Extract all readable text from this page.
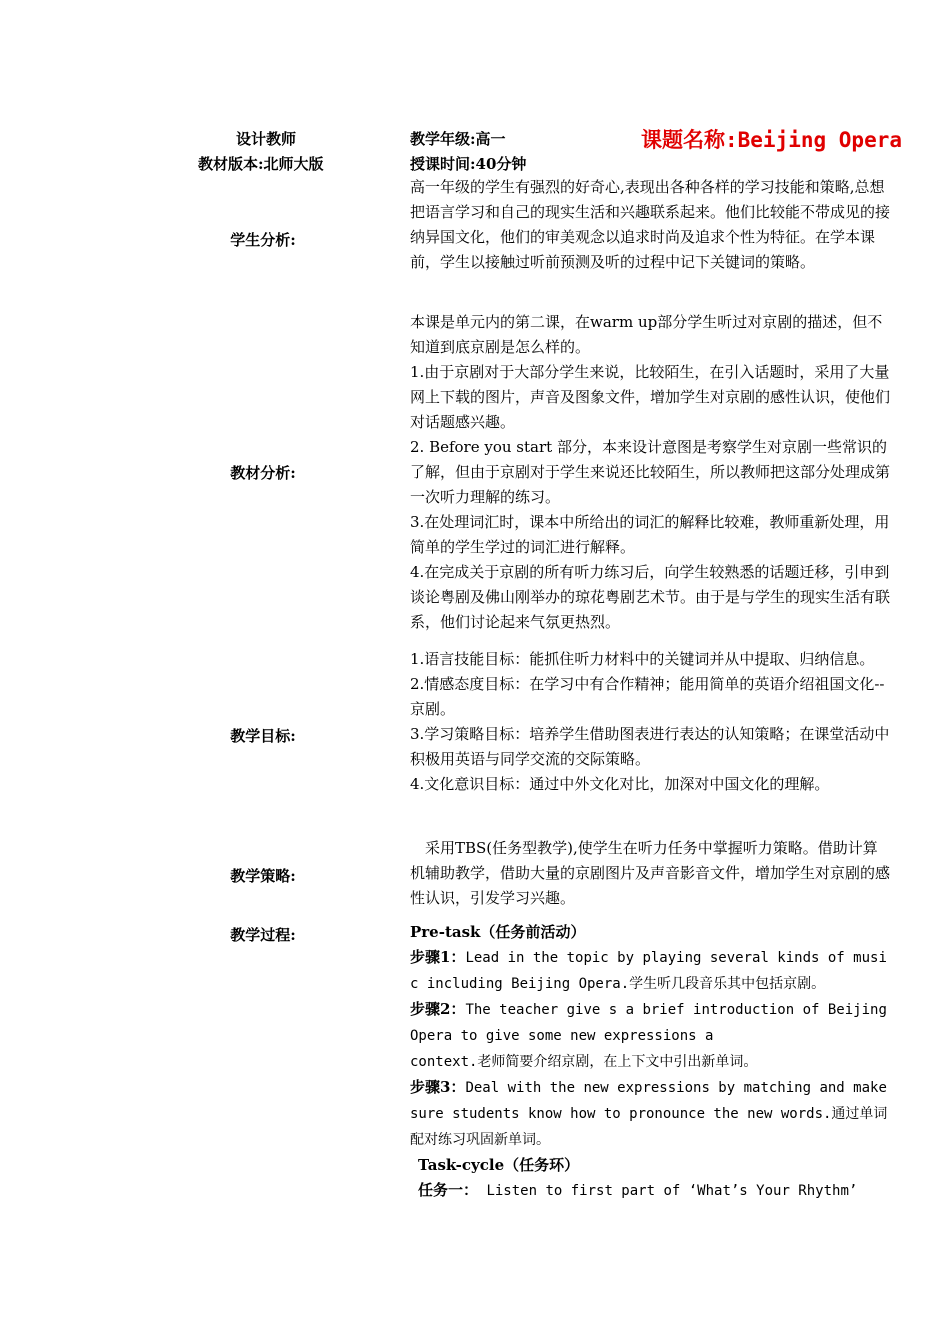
设计教师	教学年级:高一	课题名称:Beijing Opera
教材版本:北师大版	授课时间:40分钟
学生分析:
高一年级的学生有强烈的好奇心,表现出各种各样的学习技能和策略,总想把语言学习和自己的现实生活和兴趣联系起来。他们比较能不带成见的接纳异国文化，他们的审美观念以追求时尚及追求个性为特征。在学本课前，学生以接触过听前预测及听的过程中记下关键词的策略。
教材分析:

本课是单元内的第二课，在warm up部分学生听过对京剧的描述，但不知道到底京剧是怎么样的。

1.由于京剧对于大部分学生来说，比较陌生，在引入话题时，采用了大量网上下载的图片，声音及图象文件，增加学生对京剧的感性认识，使他们对话题感兴趣。

2. Before you start 部分，本来设计意图是考察学生对京剧一些常识的了解，但由于京剧对于学生来说还比较陌生，所以教师把这部分处理成第一次听力理解的练习。

3.在处理词汇时，课本中所给出的词汇的解释比较难，教师重新处理，用简单的学生学过的词汇进行解释。

4.在完成关于京剧的所有听力练习后，向学生较熟悉的话题迁移，引申到谈论粤剧及佛山刚举办的琼花粤剧艺术节。由于是与学生的现实生活有联系，他们讨论起来气氛更热烈。

教学目标:

1.语言技能目标：能抓住听力材料中的关键词并从中提取、归纳信息。

2.情感态度目标：在学习中有合作精神；能用简单的英语介绍祖国文化--京剧。

3.学习策略目标：培养学生借助图表进行表达的认知策略；在课堂活动中积极用英语与同学交流的交际策略。

4.文化意识目标：通过中外文化对比，加深对中国文化的理解。

教学策略:
采用TBS(任务型教学),使学生在听力任务中掌握听力策略。借助计算机辅助教学，借助大量的京剧图片及声音影音文件，增加学生对京剧的感性认识，引发学习兴趣。
教学过程:	Pre-task（任务前活动）

步骤1：Lead in the topic by playing several kinds of music including Beijing Opera.学生听几段音乐其中包括京剧。

步骤2：The teacher give s a brief introduction of Beijing Opera to give some new expressions a

context.老师简要介绍京剧，在上下文中引出新单词。

步骤3：Deal with the new expressions by matching and make sure students know how to pronounce the new words.通过单词配对练习巩固新单词。

Task-cycle（任务环）

任务一： Listen to first part of ‘What’s Your Rhythm’
